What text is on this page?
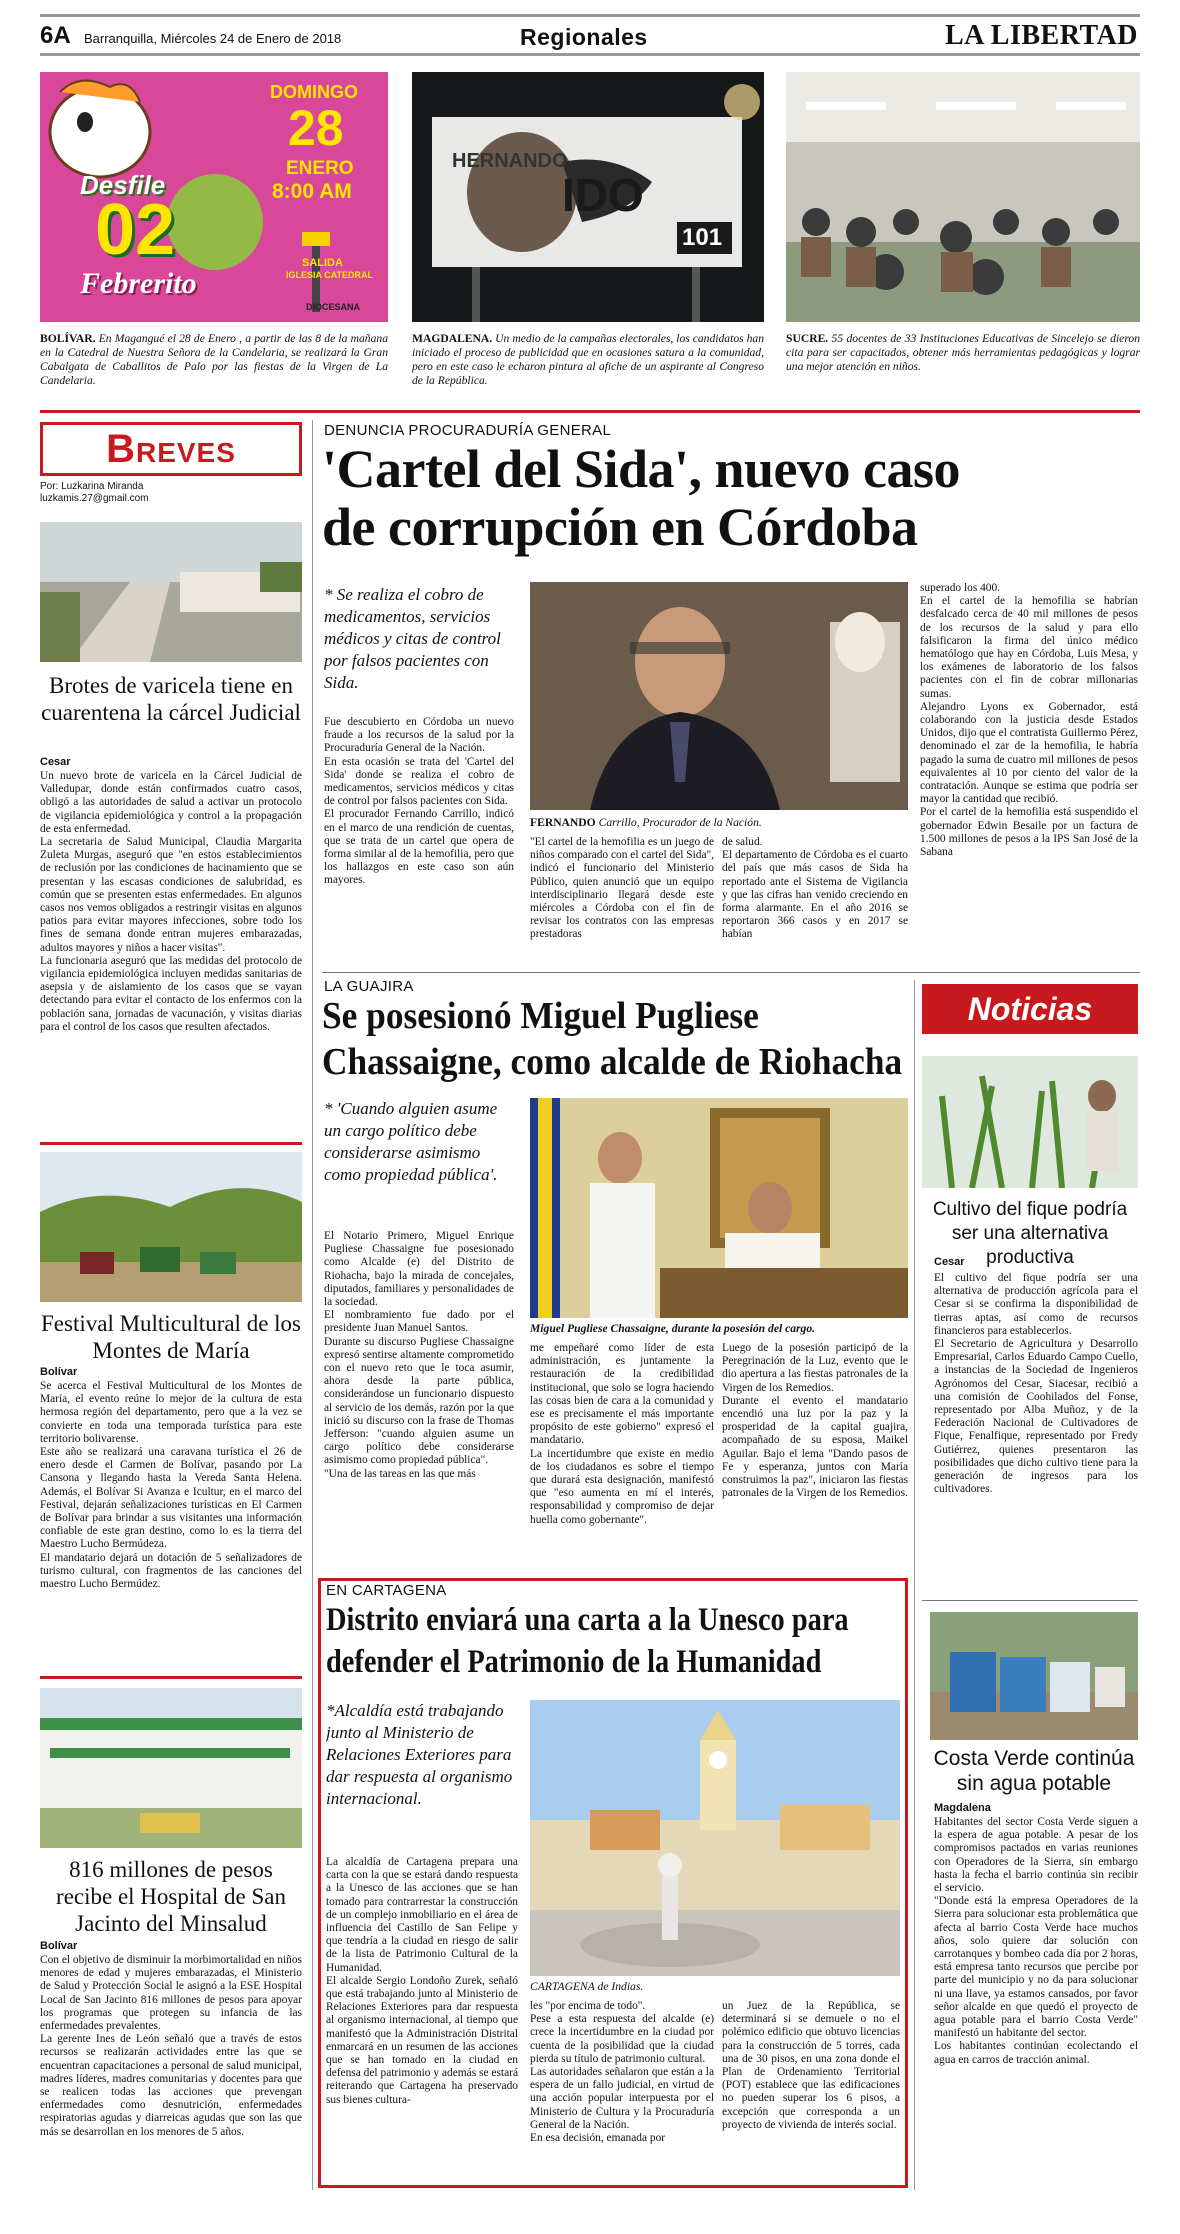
6A Barranquilla, Miércoles 24 de Enero de 2018	Regionales	LA LIBERTAD
Desfile
02
Febrerito
DOMINGO
28
ENERO
8:00 AM
SALIDA
IGLESIA CATEDRAL
DIOCESANA
HERNANDO
IDO
101
BOLÍVAR. En Magangué el 28 de Enero , a partir de las 8 de la mañana en la Catedral de Nuestra Señora de la Candelaria, se realizará la Gran Cabalgata de Caballitos de Palo por las fiestas de la Virgen de La Candelaria.
MAGDALENA. Un medio de la campañas electorales, los candidatos han iniciado el proceso de publicidad que en ocasiones satura a la comunidad, pero en este caso le echaron pintura al afiche de un aspirante al Congreso de la República.
SUCRE. 55 docentes de 33 Instituciones Educativas de Sincelejo se dieron cita para ser capacitados, obtener más herramientas pedagógicas y lograr una mejor atención en niños.
Breves
Por: Luzkarina Miranda
luzkamis.27@gmail.com
Brotes de varicela tiene en cuarentena la cárcel Judicial
Cesar

Un nuevo brote de varicela en la Cárcel Judicial de Valledupar, donde están confirmados cuatro casos, obligó a las autoridades de salud a activar un protocolo de vigilancia epidemiológica y control a la propagación de esta enfermedad.

La secretaria de Salud Municipal, Claudia Margarita Zuleta Murgas, aseguró que "en estos establecimientos de reclusión por las condiciones de hacinamiento que se presentan y las escasas condiciones de salubridad, es común que se presenten estas enfermedades. En algunos casos nos vemos obligados a restringir visitas en algunos patios para evitar mayores infecciones, sobre todo los fines de semana donde entran mujeres embarazadas, adultos mayores y niños a hacer visitas".

La funcionaria aseguró que las medidas del protocolo de vigilancia epidemiológica incluyen medidas sanitarias de asepsia y de aislamiento de los casos que se vayan detectando para evitar el contacto de los enfermos con la población sana, jornadas de vacunación, y visitas diarias para el control de los casos que resulten afectados.

Festival Multicultural de los Montes de María
Bolívar

Se acerca el Festival Multicultural de los Montes de María, el evento reúne lo mejor de la cultura de esta hermosa región del departamento, pero que a la vez se convierte en toda una temporada turística para este territorio bolivarense.

Este año se realizará una caravana turística el 26 de enero desde el Carmen de Bolívar, pasando por La Cansona y llegando hasta la Vereda Santa Helena. Además, el Bolívar Si Avanza e Icultur, en el marco del Festival, dejarán señalizaciones turísticas en El Carmen de Bolívar para brindar a sus visitantes una información confiable de este gran destino, como lo es la tierra del Maestro Lucho Bermúdeza.

El mandatario dejará un dotación de 5 señalizadores de turismo cultural, con fragmentos de las canciones del maestro Lucho Bermúdez.

816 millones de pesos recibe el Hospital de San Jacinto del Minsalud
Bolívar

Con el objetivo de disminuir la morbimortalidad en niños menores de edad y mujeres embarazadas, el Ministerio de Salud y Protección Social le asignó a la ESE Hospital Local de San Jacinto 816 millones de pesos para apoyar los programas que protegen su infancia de las enfermedades prevalentes.

La gerente Ines de León señaló que a través de estos recursos se realizarán actividades entre las que se encuentran capacitaciones a personal de salud municipal, madres líderes, madres comunitarias y docentes para que se realicen todas las acciones que prevengan enfermedades como desnutrición, enfermedades respiratorias agudas y diarreicas agudas que son las que más se desarrollan en los menores de 5 años.

DENUNCIA PROCURADURÍA GENERAL
'Cartel del Sida', nuevo caso
de corrupción en Córdoba
* Se realiza el cobro de medicamentos, servicios médicos y citas de control por falsos pacientes con Sida.

Fue descubierto en Córdoba un nuevo fraude a los recursos de la salud por la Procuraduría General de la Nación.

En esta ocasión se trata del 'Cartel del Sida' donde se realiza el cobro de medicamentos, servicios médicos y citas de control por falsos pacientes con Sida.

El procurador Fernando Carrillo, indicó en el marco de una rendición de cuentas, que se trata de un cartel que opera de forma similar al de la hemofilia, pero que los hallazgos en este caso son aún mayores.

FERNANDO Carrillo, Procurador de la Nación.

"El cartel de la hemofilia es un juego de niños comparado con el cartel del Sida", indicó el funcionario del Ministerio Público, quien anunció que un equipo interdisciplinario llegará desde este miércoles a Córdoba con el fin de revisar los contratos con las empresas prestadoras

de salud.

El departamento de Córdoba es el cuarto del país que más casos de Sida ha reportado ante el Sistema de Vigilancia y que las cifras han venido creciendo en forma alarmante. En el año 2016 se reportaron 366 casos y en 2017 se habían

superado los 400.

En el cartel de la hemofilia se habrían desfalcado cerca de 40 mil millones de pesos de los recursos de la salud y para ello falsificaron la firma del único médico hematólogo que hay en Córdoba, Luis Mesa, y los exámenes de laboratorio de los falsos pacientes con el fin de cobrar millonarias sumas.

Alejandro Lyons ex Gobernador, está colaborando con la justicia desde Estados Unidos, dijo que el contratista Guillermo Pérez, denominado el zar de la hemofilia, le habría pagado la suma de cuatro mil millones de pesos equivalentes al 10 por ciento del valor de la contratación. Aunque se estima que podría ser mayor la cantidad que recibió.

Por el cartel de la hemofilia está suspendido el gobernador Edwin Besaile por un factura de 1.500 millones de pesos a la IPS San José de la Sabana

LA GUAJIRA
Se posesionó Miguel Pugliese
Chassaigne, como alcalde de Riohacha
* 'Cuando alguien asume un cargo político debe considerarse asimismo como propiedad pública'.

El Notario Primero, Miguel Enrique Pugliese Chassaigne fue posesionado como Alcalde (e) del Distrito de Riohacha, bajo la mirada de concejales, diputados, familiares y personalidades de la sociedad.

El nombramiento fue dado por el presidente Juan Manuel Santos.

Durante su discurso Pugliese Chassaigne expresó sentirse altamente comprometido con el nuevo reto que le toca asumir, ahora desde la parte pública, considerándose un funcionario dispuesto al servicio de los demás, razón por la que inició su discurso con la frase de Thomas Jefferson: "cuando alguien asume un cargo político debe considerarse asimismo como propiedad pública".

"Una de las tareas en las que más

Miguel Pugliese Chassaigne, durante la posesión del cargo.

me empeñaré como líder de esta administración, es juntamente la restauración de la credibilidad institucional, que solo se logra haciendo las cosas bien de cara a la comunidad y ese es precisamente el más importante propósito de este gobierno" expresó el mandatario.

La incertidumbre que existe en medio de los ciudadanos es sobre el tiempo que durará esta designación, manifestó que "eso aumenta en mí el interés, responsabilidad y compromiso de dejar huella como gobernante".

Luego de la posesión participó de la Peregrinación de la Luz, evento que le dio apertura a las fiestas patronales de la Virgen de los Remedios.

Durante el evento el mandatario encendió una luz por la paz y la prosperidad de la capital guajira, acompañado de su esposa, Maikel Aguilar. Bajo el lema "Dando pasos de Fe y esperanza, juntos con María construimos la paz", iniciaron las fiestas patronales de la Virgen de los Remedios.

Noticias
Cultivo del fique podría ser una alternativa productiva
Cesar

El cultivo del fique podría ser una alternativa de producción agrícola para el Cesar si se confirma la disponibilidad de tierras aptas, así como de recursos financieros para establecerlos.

El Secretario de Agricultura y Desarrollo Empresarial, Carlos Eduardo Campo Cuello, a instancias de la Sociedad de Ingenieros Agrónomos del Cesar, Siacesar, recibió a una comisión de Coohilados del Fonse, representado por Alba Muñoz, y de la Federación Nacional de Cultivadores de Fique, Fenalfique, representado por Fredy Gutiérrez, quienes presentaron las posibilidades que dicho cultivo tiene para la generación de ingresos para los cultivadores.

Costa Verde continúa sin agua potable
Magdalena

Habitantes del sector Costa Verde siguen a la espera de agua potable. A pesar de los compromisos pactados en varias reuniones con Operadores de la Sierra, sin embargo hasta la fecha el barrio continúa sin recibir el servicio.

"Donde está la empresa Operadores de la Sierra para solucionar esta problemática que afecta al barrio Costa Verde hace muchos años, solo quiere dar solución con carrotanques y bombeo cada día por 2 horas, está empresa tanto recursos que percibe por parte del municipio y no da para solucionar ni una llave, ya estamos cansados, por favor señor alcalde en que quedó el proyecto de agua potable para el barrio Costa Verde" manifestó un habitante del sector.

Los habitantes continúan ecolectando el agua en carros de tracción animal.

EN CARTAGENA
Distrito enviará una carta a la Unesco para
defender el Patrimonio de la Humanidad
*Alcaldía está trabajando junto al Ministerio de Relaciones Exteriores para dar respuesta al organismo internacional.

La alcaldía de Cartagena prepara una carta con la que se estará dando respuesta a la Unesco de las acciones que se han tomado para contrarrestar la construcción de un complejo inmobiliario en el área de influencia del Castillo de San Felipe y que tendría a la ciudad en riesgo de salir de la lista de Patrimonio Cultural de la Humanidad.

El alcalde Sergio Londoño Zurek, señaló que está trabajando junto al Ministerio de Relaciones Exteriores para dar respuesta al organismo internacional, al tiempo que manifestó que la Administración Distrital enmarcará en un resumen de las acciones que se han tomado en la ciudad en defensa del patrimonio y además se estará reiterando que Cartagena ha preservado sus bienes cultura-

CARTAGENA de Indias.

les "por encima de todo".

Pese a esta respuesta del alcalde (e) crece la incertidumbre en la ciudad por cuenta de la posibilidad que la ciudad pierda su título de patrimonio cultural.

Las autoridades señalaron que están a la espera de un fallo judicial, en virtud de una acción popular interpuesta por el Ministerio de Cultura y la Procuraduría General de la Nación.

En esa decisión, emanada por

un Juez de la República, se determinará si se demuele o no el polémico edificio que obtuvo licencias para la construcción de 5 torres, cada una de 30 pisos, en una zona donde el Plan de Ordenamiento Territorial (POT) establece que las edificaciones no pueden superar los 6 pisos, a excepción que corresponda a un proyecto de vivienda de interés social.
